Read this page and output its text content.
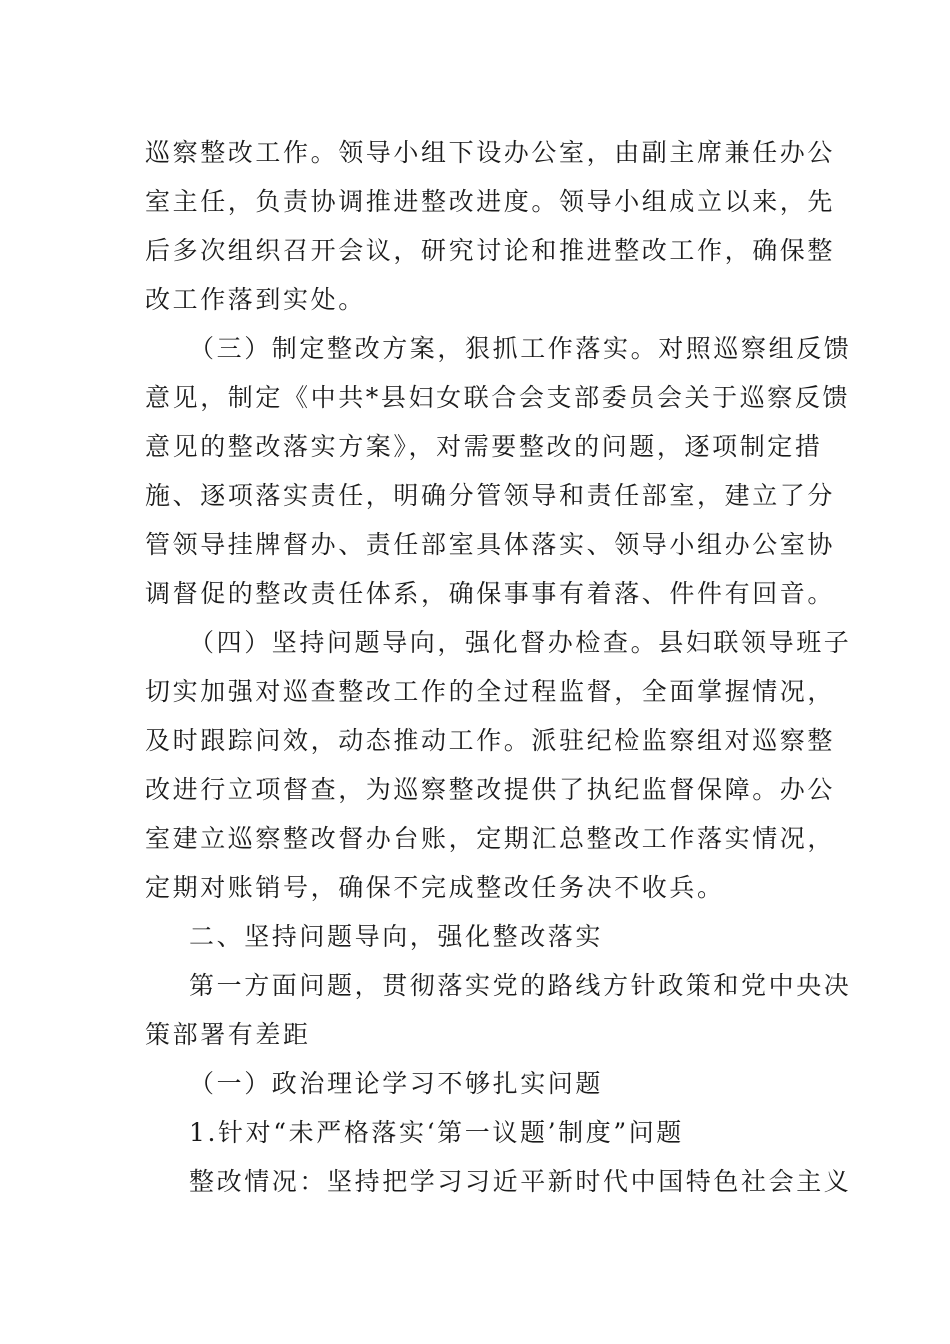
巡察整改工作。领导小组下设办公室，由副主席兼任办公
室主任，负责协调推进整改进度。领导小组成立以来，先
后多次组织召开会议，研究讨论和推进整改工作，确保整
改工作落到实处。
（三）制定整改方案，狠抓工作落实。对照巡察组反馈
意见，制定《中共*县妇女联合会支部委员会关于巡察反馈
意见的整改落实方案》，对需要整改的问题，逐项制定措
施、逐项落实责任，明确分管领导和责任部室，建立了分
管领导挂牌督办、责任部室具体落实、领导小组办公室协
调督促的整改责任体系，确保事事有着落、件件有回音。
（四）坚持问题导向，强化督办检查。县妇联领导班子
切实加强对巡查整改工作的全过程监督，全面掌握情况，
及时跟踪问效，动态推动工作。派驻纪检监察组对巡察整
改进行立项督查，为巡察整改提供了执纪监督保障。办公
室建立巡察整改督办台账，定期汇总整改工作落实情况，
定期对账销号，确保不完成整改任务决不收兵。
二、坚持问题导向，强化整改落实
第一方面问题，贯彻落实党的路线方针政策和党中央决
策部署有差距
（一）政治理论学习不够扎实问题
1.针对“未严格落实‘第一议题’制度”问题
整改情况：坚持把学习习近平新时代中国特色社会主义
